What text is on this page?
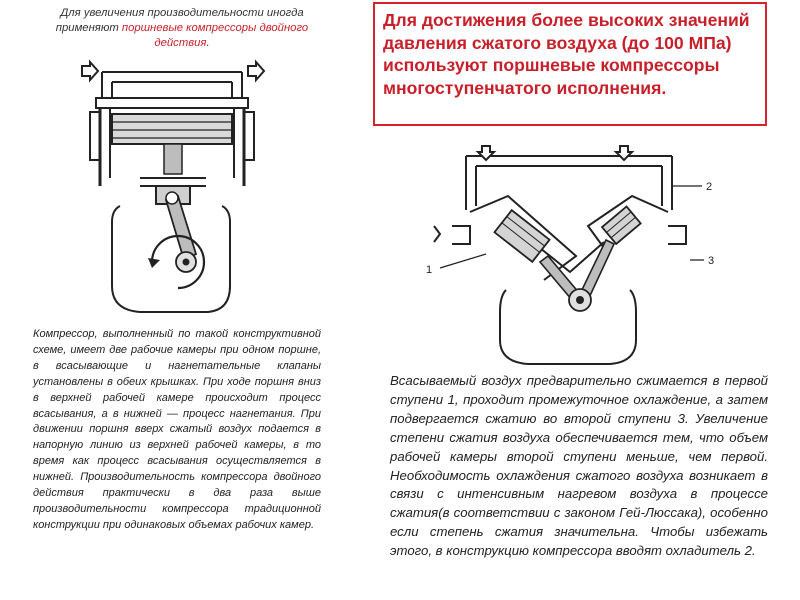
Для увеличения производительности иногда применяют поршневые компрессоры двойного действия.
Для достижения более высоких значений давления сжатого воздуха (до 100 МПа) используют поршневые компрессоры многоступенчатого исполнения.
1
2
3
Компрессор, выполненный по такой конструктивной схеме, имеет две рабочие камеры при одном поршне, в всасывающие и нагнетательные клапаны установлены в обеих крышках. При ходе поршня вниз в верхней рабочей камере происходит процесс всасывания, а в нижней — процесс нагнетания. При движении поршня вверх сжатый воздух подается в напорную линию из верхней рабочей камеры, в то время как процесс всасывания осуществляется в нижней. Производительность компрессора двойного действия практически в два раза выше производительности компрессора традиционной конструкции при одинаковых объемах рабочих камер.
Всасываемый воздух предварительно сжимается в первой ступени 1, проходит промежуточное охлаждение, а затем подвергается сжатию во второй ступени 3. Увеличение степени сжатия воздуха обеспечивается тем, что объем рабочей камеры второй ступени меньше, чем первой. Необходимость охлаждения сжатого воздуха возникает в связи с интенсивным нагревом воздуха в процессе сжатия(в соответствии с законом Гей-Люссака), особенно если степень сжатия значительна. Чтобы избежать этого, в конструкцию компрессора вводят охладитель 2.
